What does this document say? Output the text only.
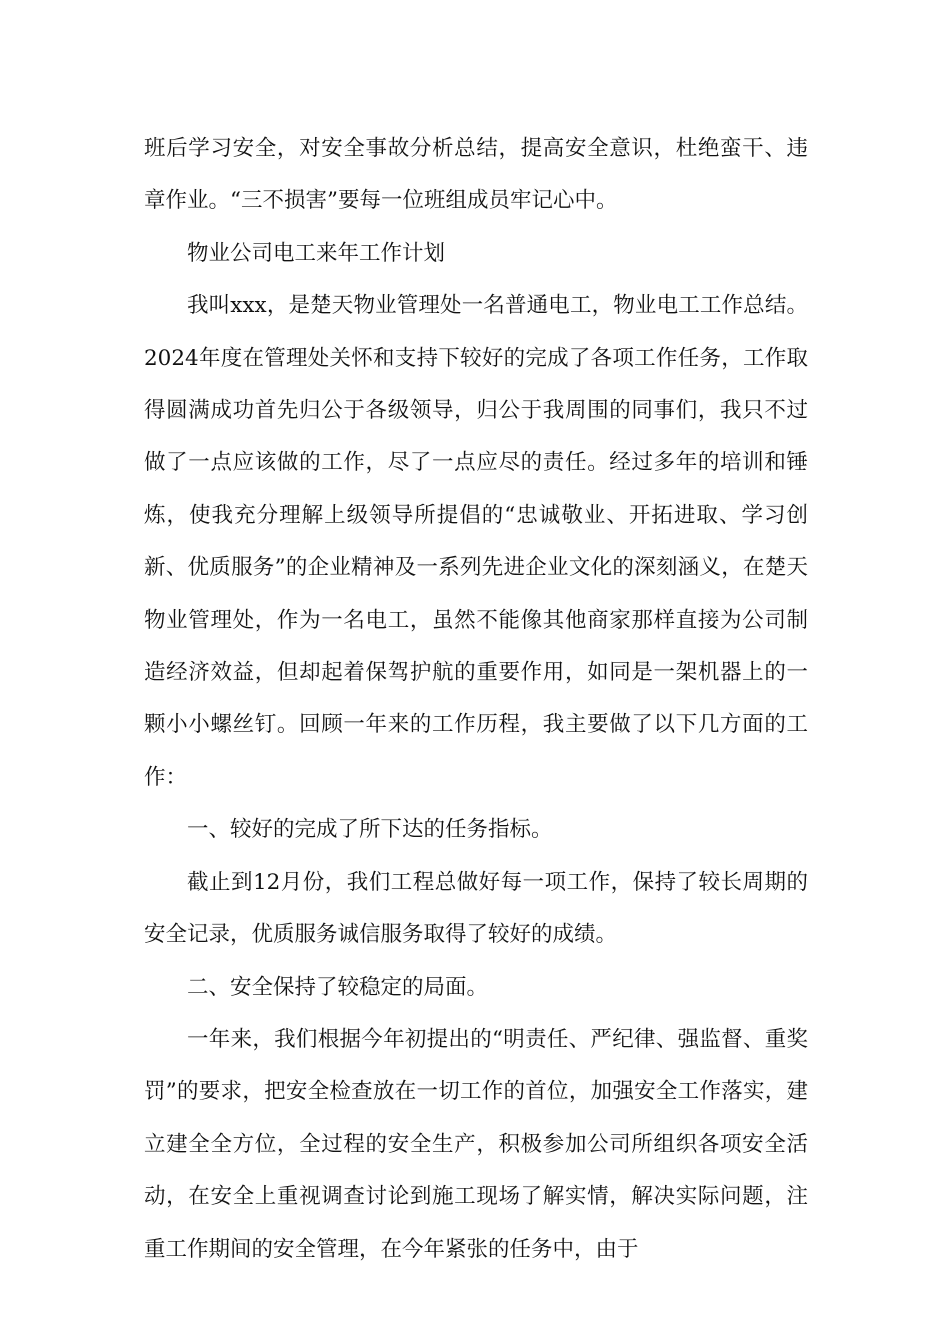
班后学习安全，对安全事故分析总结，提高安全意识，杜绝蛮干、违章作业。“三不损害”要每一位班组成员牢记心中。

物业公司电工来年工作计划

我叫xxx，是楚天物业管理处一名普通电工，物业电工工作总结。2024年度在管理处关怀和支持下较好的完成了各项工作任务，工作取得圆满成功首先归公于各级领导，归公于我周围的同事们，我只不过做了一点应该做的工作，尽了一点应尽的责任。经过多年的培训和锤炼，使我充分理解上级领导所提倡的“忠诚敬业、开拓进取、学习创新、优质服务”的企业精神及一系列先进企业文化的深刻涵义，在楚天物业管理处，作为一名电工，虽然不能像其他商家那样直接为公司制造经济效益，但却起着保驾护航的重要作用，如同是一架机器上的一颗小小螺丝钉。回顾一年来的工作历程，我主要做了以下几方面的工作：

一、较好的完成了所下达的任务指标。

截止到12月份，我们工程总做好每一项工作，保持了较长周期的安全记录，优质服务诚信服务取得了较好的成绩。

二、安全保持了较稳定的局面。

一年来，我们根据今年初提出的“明责任、严纪律、强监督、重奖罚”的要求，把安全检查放在一切工作的首位，加强安全工作落实，建立建全全方位，全过程的安全生产，积极参加公司所组织各项安全活动，在安全上重视调查讨论到施工现场了解实情，解决实际问题，注重工作期间的安全管理，在今年紧张的任务中，由于
